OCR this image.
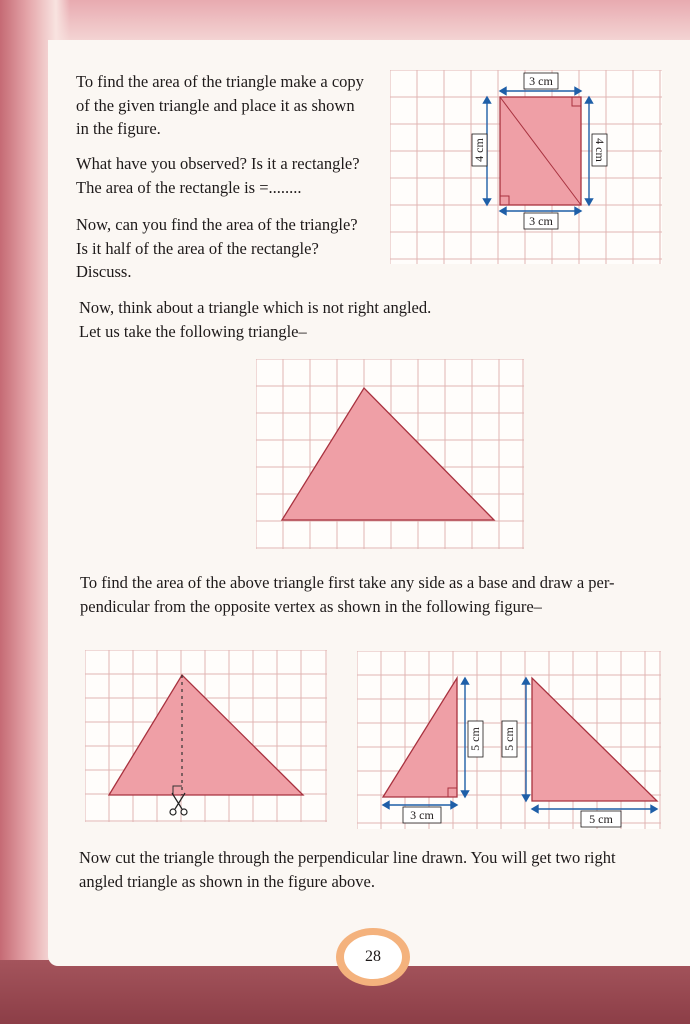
To find the area of the triangle make a copy
of the given triangle and place it as shown
in the figure.

What have you observed? Is it a rectangle?
The area of the rectangle is =........

Now, can you find the area of the triangle?
Is it half of the area of the rectangle?
Discuss.

3 cm
3 cm
4 cm	4 cm

Now, think about a triangle which is not right angled.
Let us take the following triangle–

To find the area of the above triangle first take any side as a base and draw a per-
pendicular from the opposite vertex as shown in the following figure–

3 cm	5 cm
5 cm 5 cm

Now cut the triangle through the perpendicular line drawn. You will get two right
angled triangle as shown in the figure above.

28
